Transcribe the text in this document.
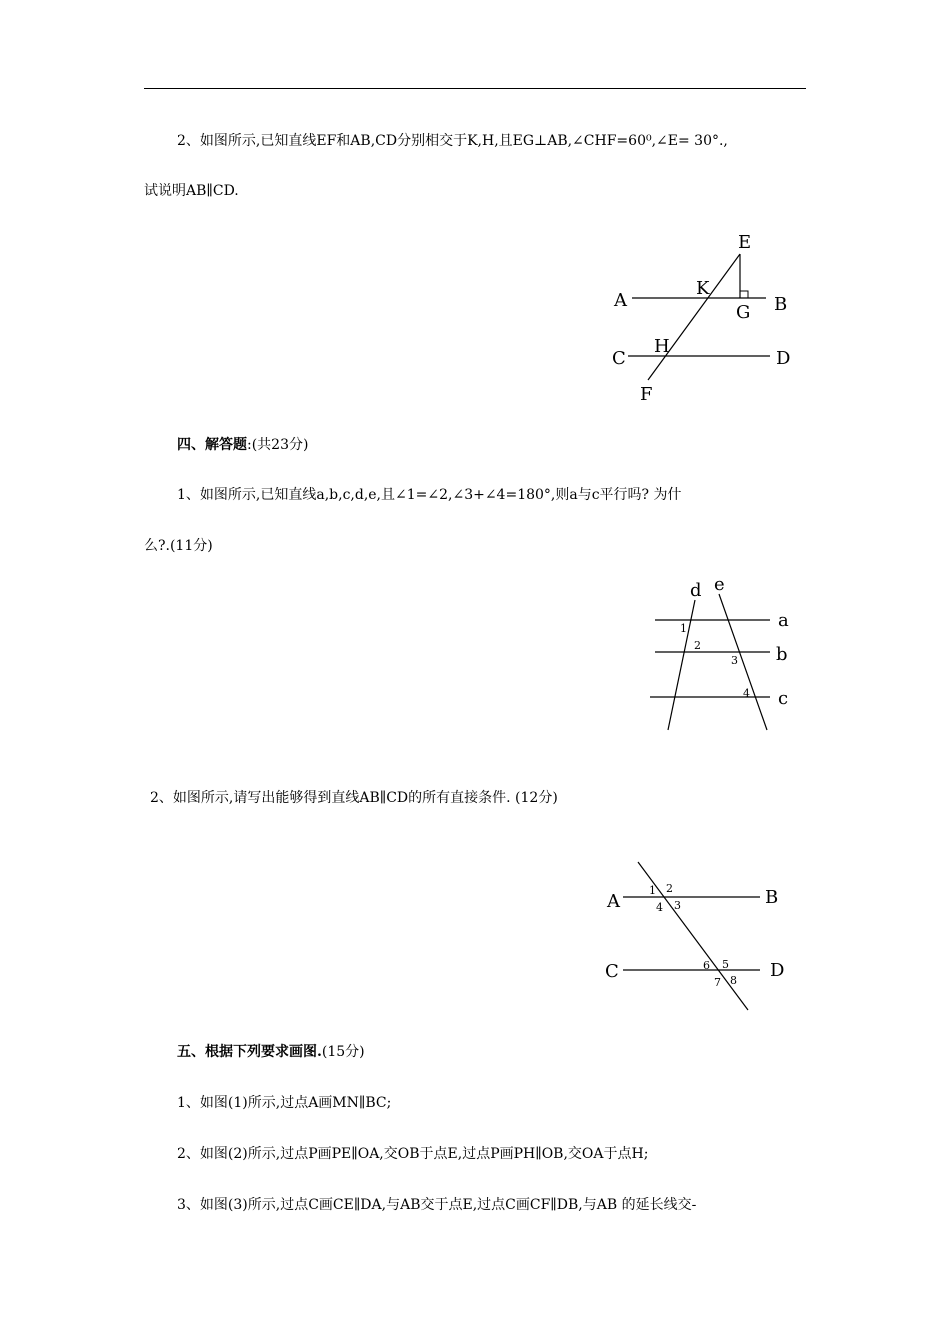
2、如图所示,已知直线EF和AB,CD分别相交于K,H,且EG⊥AB,∠CHF=60⁰,∠E= 30°.,
试说明AB∥CD.
E
A
K
B
G
C
H
D
F
四、解答题:(共23分)
1、如图所示,已知直线a,b,c,d,e,且∠1=∠2,∠3+∠4=180°,则a与c平行吗? 为什
么?.(11分)
d e
a
b
c
1
2
3
4
2、如图所示,请写出能够得到直线AB∥CD的所有直接条件. (12分)
A	B
C	D
1 2
3
4
5
6
7 8
五、根据下列要求画图.(15分)
1、如图(1)所示,过点A画MN∥BC;
2、如图(2)所示,过点P画PE∥OA,交OB于点E,过点P画PH∥OB,交OA于点H;
3、如图(3)所示,过点C画CE∥DA,与AB交于点E,过点C画CF∥DB,与AB 的延长线交-
